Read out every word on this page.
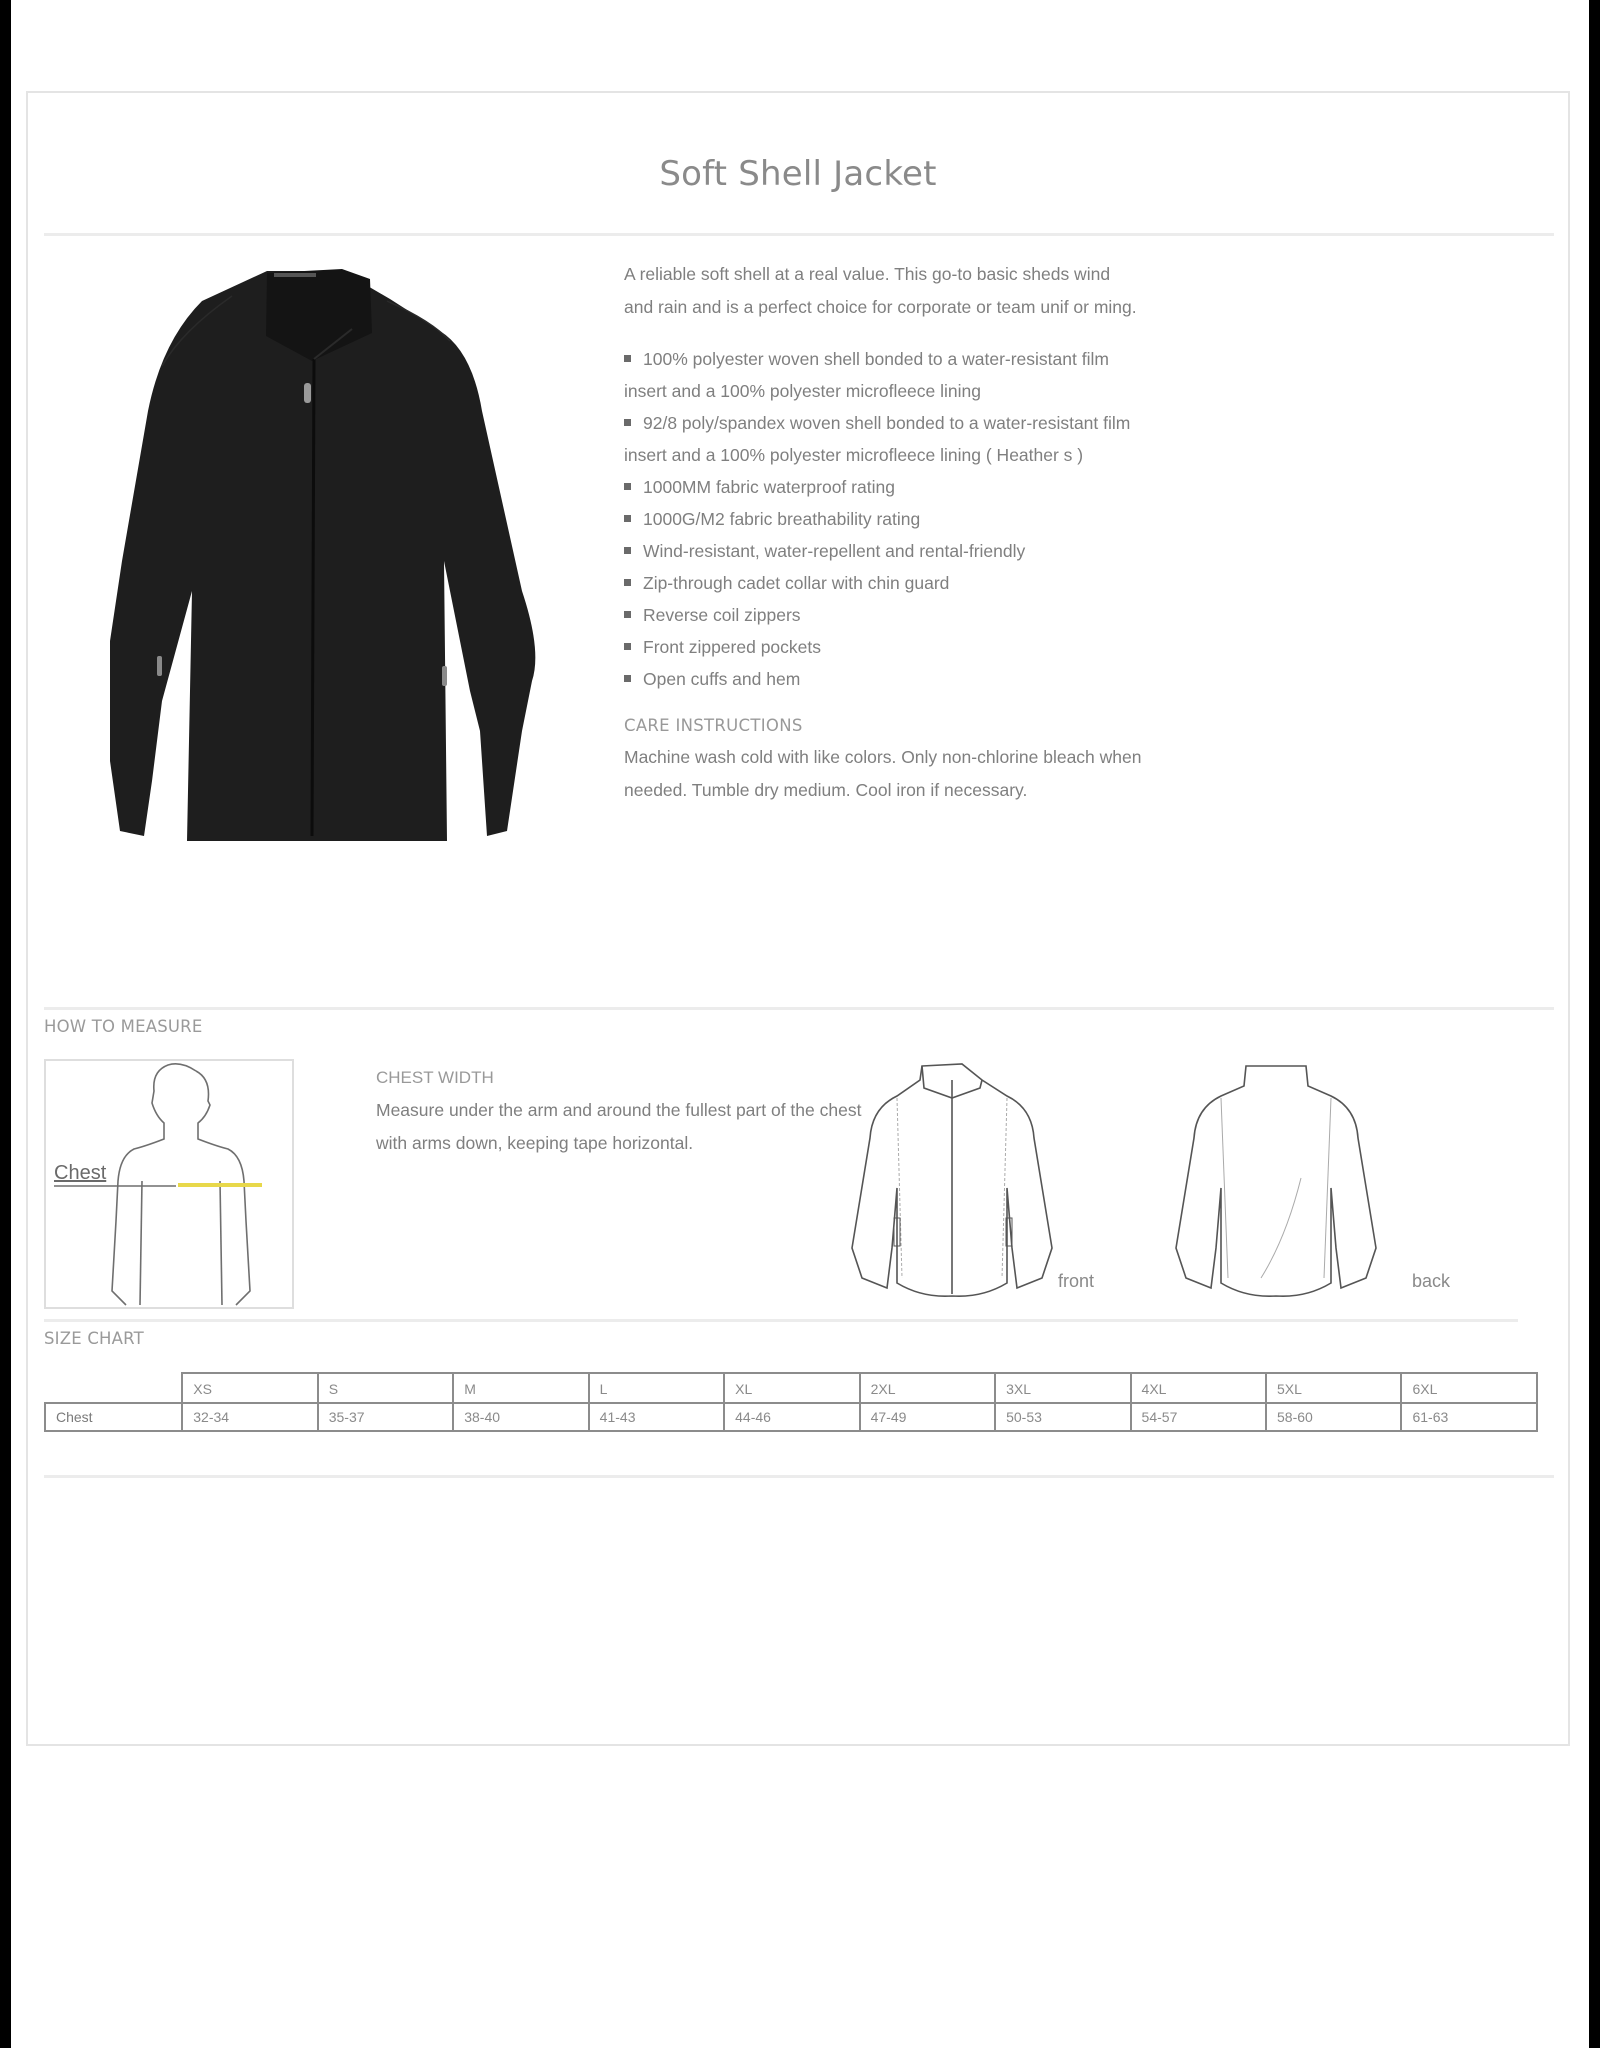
Soft Shell Jacket

A reliable soft shell at a real value. This go-to basic sheds wind and rain and is a perfect choice for corporate or team unif or ming.

100% polyester woven shell bonded to a water-resistant film insert and a 100% polyester microfleece lining
92/8 poly/spandex woven shell bonded to a water-resistant film insert and a 100% polyester microfleece lining ( Heather s )
1000MM fabric waterproof rating
1000G/M2 fabric breathability rating
Wind-resistant, water-repellent and rental-friendly
Zip-through cadet collar with chin guard
Reverse coil zippers
Front zippered pockets
Open cuffs and hem
CARE INSTRUCTIONS
Machine wash cold with like colors. Only non-chlorine bleach when needed. Tumble dry medium. Cool iron if necessary.
HOW TO MEASURE
Chest
CHEST WIDTH
Measure under the arm and around the fullest part of the chest with arms down, keeping tape horizontal.
front	back
SIZE CHART
	XS	S	M	L	XL	2XL	3XL	4XL	5XL	6XL
Chest	32-34	35-37	38-40	41-43	44-46	47-49	50-53	54-57	58-60	61-63
